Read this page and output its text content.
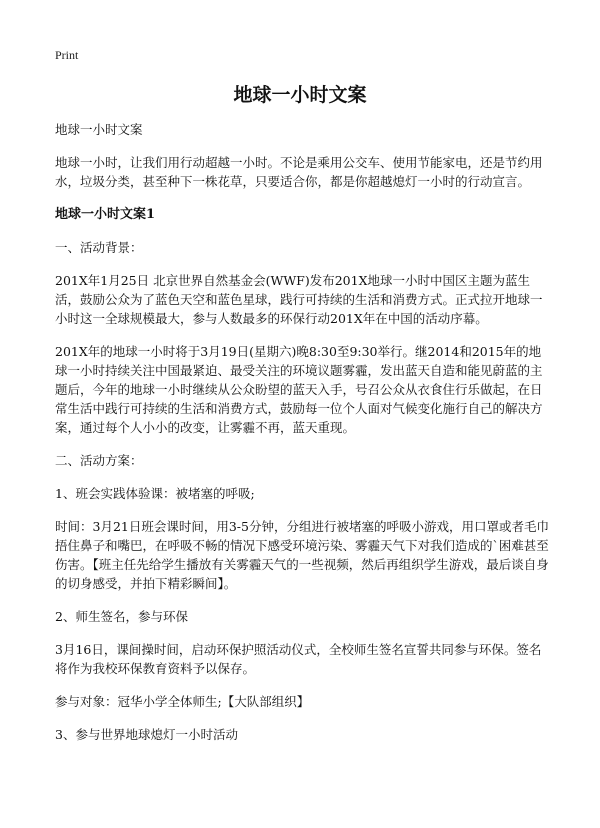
Print
地球一小时文案

地球一小时文案

地球一小时，让我们用行动超越一小时。不论是乘用公交车、使用节能家电，还是节约用水，垃圾分类，甚至种下一株花草，只要适合你，都是你超越熄灯一小时的行动宣言。

地球一小时文案1

一、活动背景：

201X年1月25日 北京世界自然基金会(WWF)发布201X地球一小时中国区主题为蓝生活，鼓励公众为了蓝色天空和蓝色星球，践行可持续的生活和消费方式。正式拉开地球一小时这一全球规模最大，参与人数最多的环保行动201X年在中国的活动序幕。

201X年的地球一小时将于3月19日(星期六)晚8:30至9:30举行。继2014和2015年的地球一小时持续关注中国最紧迫、最受关注的环境议题雾霾，发出蓝天自造和能见蔚蓝的主题后，今年的地球一小时继续从公众盼望的蓝天入手，号召公众从衣食住行乐做起，在日常生活中践行可持续的生活和消费方式，鼓励每一位个人面对气候变化施行自己的解决方案，通过每个人小小的改变，让雾霾不再，蓝天重现。

二、活动方案：

1、班会实践体验课：被堵塞的呼吸;

时间：3月21日班会课时间，用3-5分钟，分组进行被堵塞的呼吸小游戏，用口罩或者毛巾捂住鼻子和嘴巴，在呼吸不畅的情况下感受环境污染、雾霾天气下对我们造成的`困难甚至伤害。【班主任先给学生播放有关雾霾天气的一些视频，然后再组织学生游戏，最后谈自身的切身感受，并拍下精彩瞬间】。

2、师生签名，参与环保

3月16日，课间操时间，启动环保护照活动仪式，全校师生签名宣誓共同参与环保。签名将作为我校环保教育资料予以保存。

参与对象：冠华小学全体师生;【大队部组织】

3、参与世界地球熄灯一小时活动
